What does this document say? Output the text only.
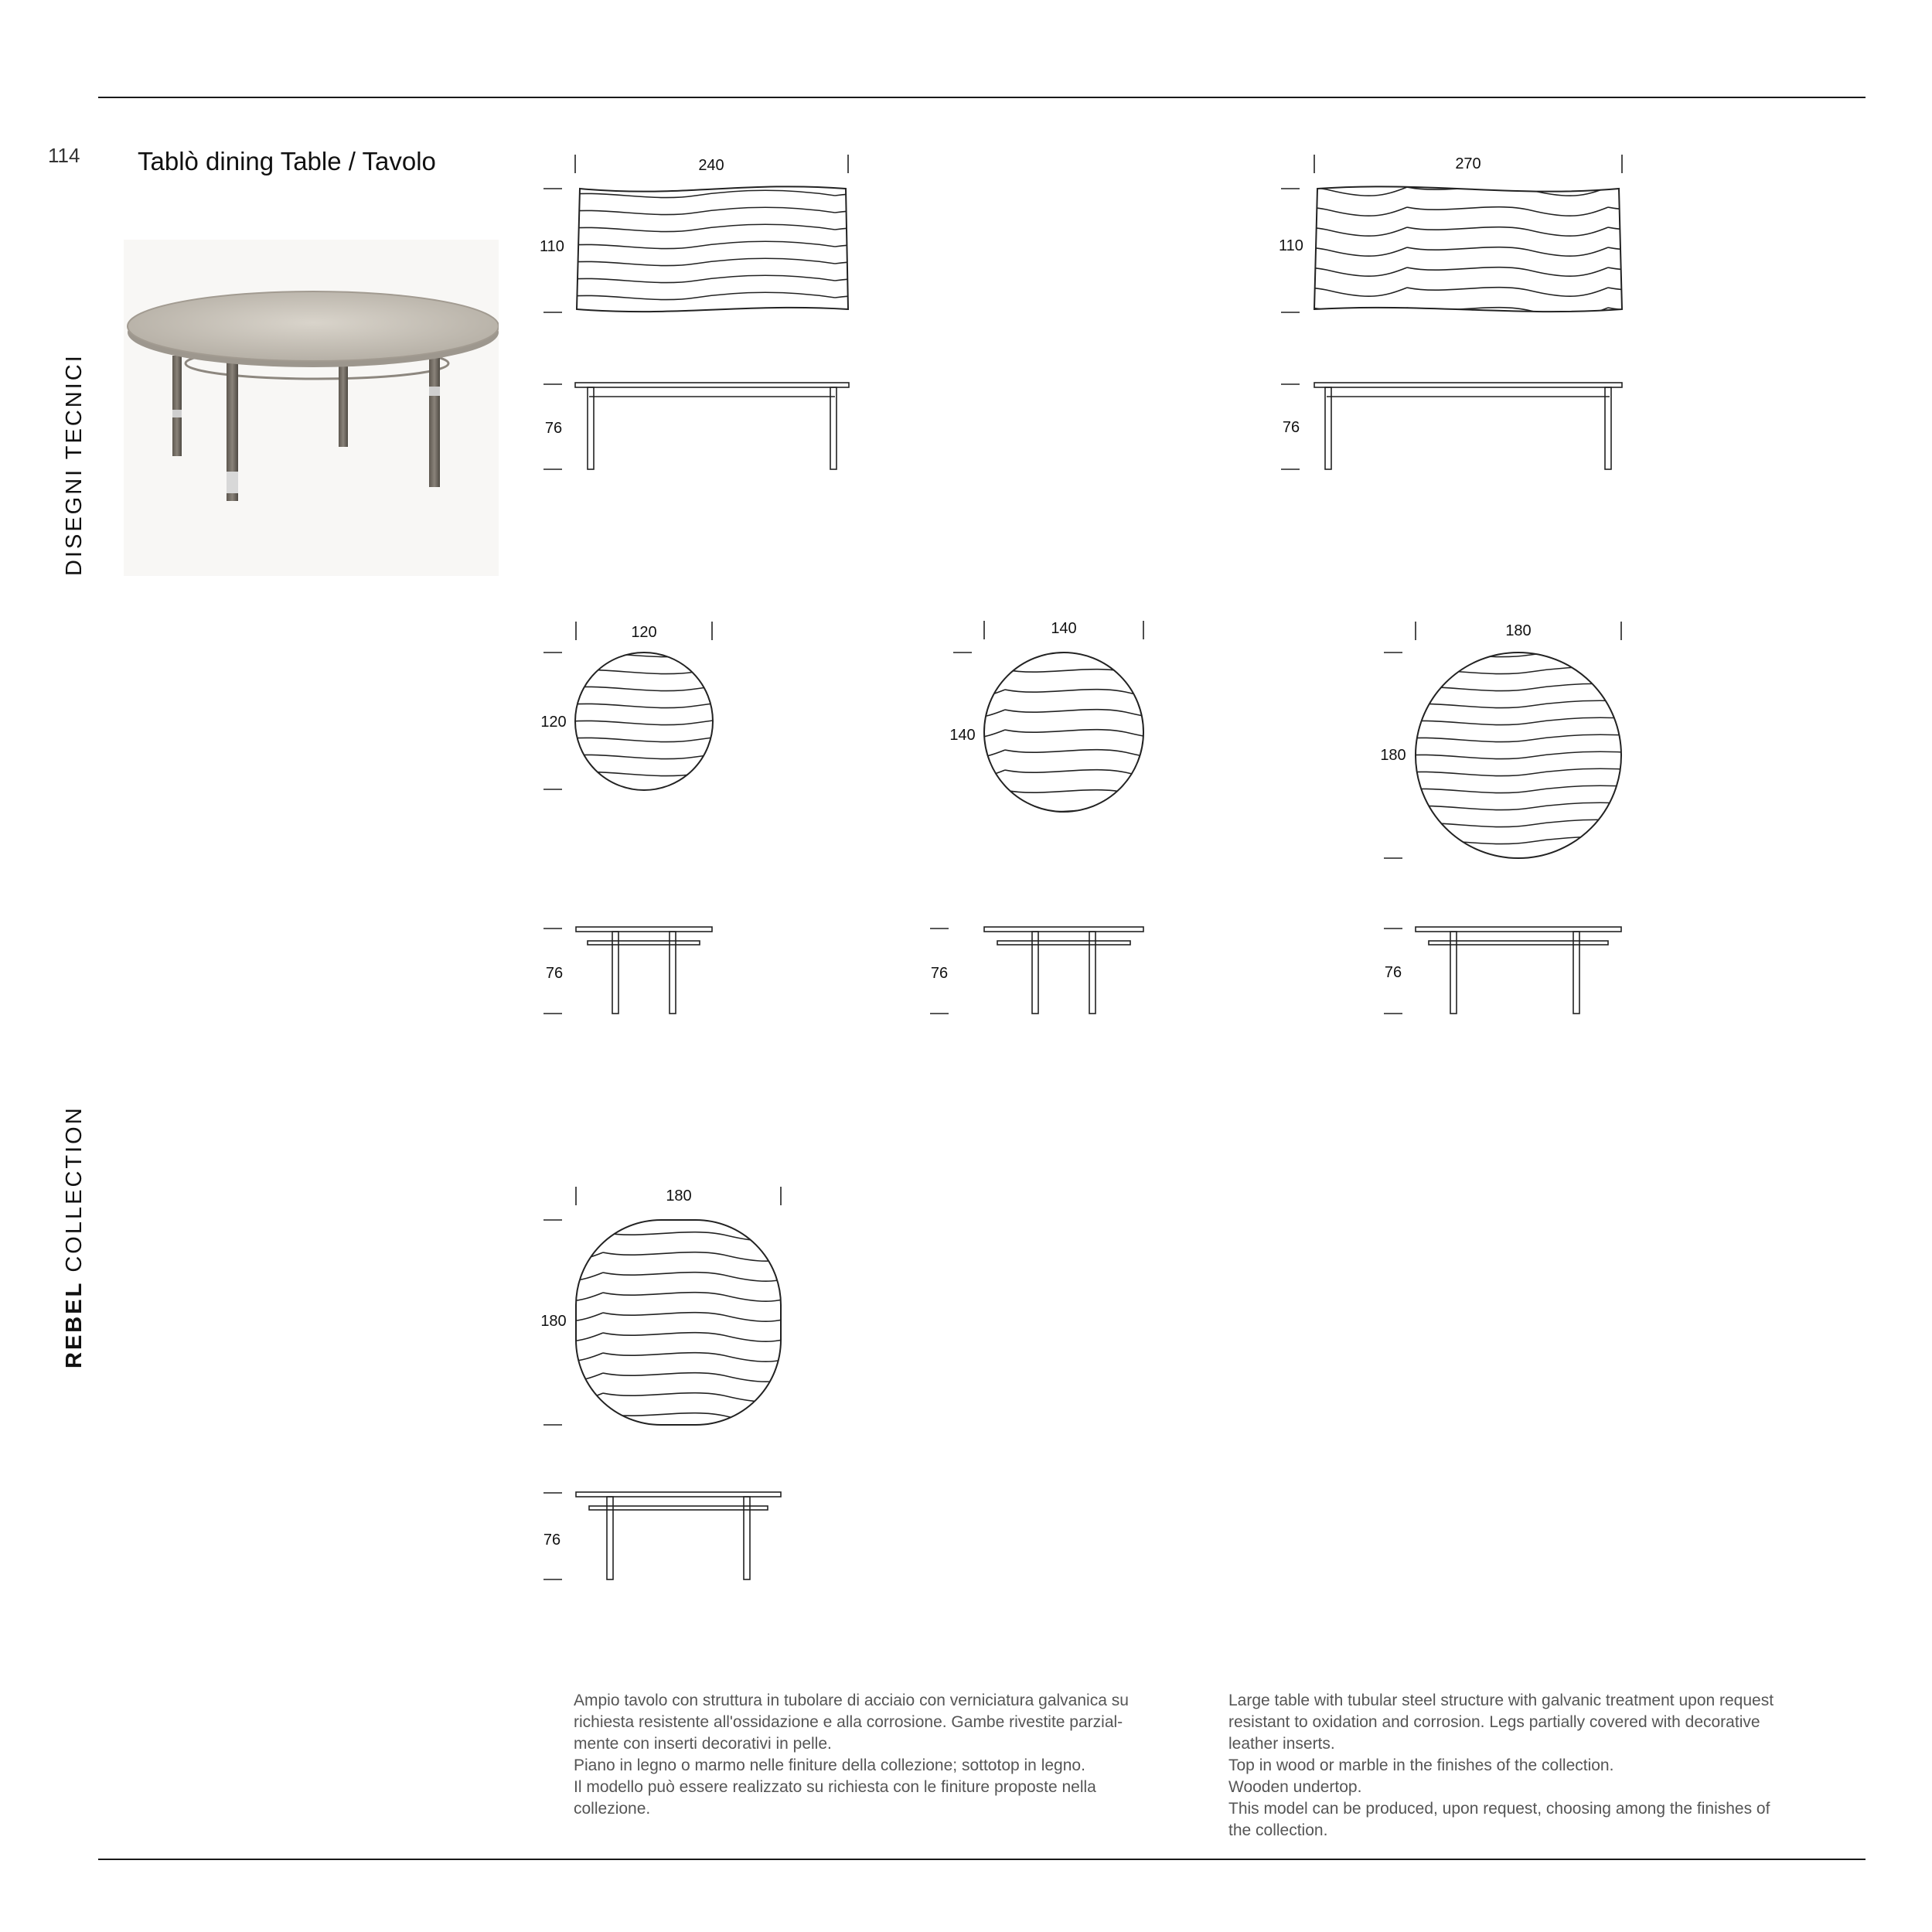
114 Tablò dining Table / Tavolo
DISEGNI TECNICI
REBEL COLLECTION
240
110
76
270
110
76
120
120
76
140
140
76
180
180
76
180
180
76
Ampio tavolo con struttura in tubolare di acciaio con verniciatura galvanica su
richiesta resistente all'ossidazione e alla corrosione. Gambe rivestite parzial-
mente con inserti decorativi in pelle.
Piano in legno o marmo nelle finiture della collezione; sottotop in legno.
Il modello può essere realizzato su richiesta con le finiture proposte nella
collezione.
Large table with tubular steel structure with galvanic treatment upon request
resistant to oxidation and corrosion. Legs partially covered with decorative
leather inserts.
Top in wood or marble in the finishes of the collection.
Wooden undertop.
This model can be produced, upon request, choosing among the finishes of
the collection.
